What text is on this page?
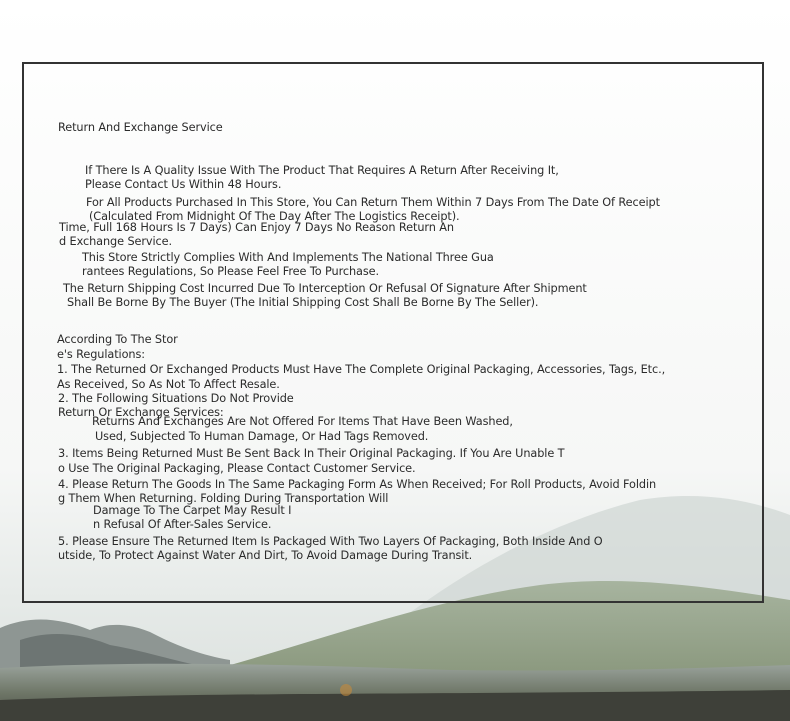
Return And Exchange Service

If There Is A Quality Issue With The Product That Requires A Return After Receiving It,

Please Contact Us Within 48 Hours.

For All Products Purchased In This Store, You Can Return Them Within 7 Days From The Date Of Receipt

(Calculated From Midnight Of The Day After The Logistics Receipt).

Time, Full 168 Hours Is 7 Days) Can Enjoy 7 Days No Reason Return An

d Exchange Service.

This Store Strictly Complies With And Implements The National Three Gua

rantees Regulations, So Please Feel Free To Purchase.

The Return Shipping Cost Incurred Due To Interception Or Refusal Of Signature After Shipment

Shall Be Borne By The Buyer (The Initial Shipping Cost Shall Be Borne By The Seller).

According To The Stor

e's Regulations:

1. The Returned Or Exchanged Products Must Have The Complete Original Packaging, Accessories, Tags, Etc.,

As Received, So As Not To Affect Resale.

2. The Following Situations Do Not Provide

Return Or Exchange Services:

Returns And Exchanges Are Not Offered For Items That Have Been Washed,

Used, Subjected To Human Damage, Or Had Tags Removed.

3. Items Being Returned Must Be Sent Back In Their Original Packaging. If You Are Unable T

o Use The Original Packaging, Please Contact Customer Service.

4. Please Return The Goods In The Same Packaging Form As When Received; For Roll Products, Avoid Foldin

g Them When Returning. Folding During Transportation Will

Damage To The Carpet May Result I

n Refusal Of After-Sales Service.

5. Please Ensure The Returned Item Is Packaged With Two Layers Of Packaging, Both Inside And O

utside, To Protect Against Water And Dirt, To Avoid Damage During Transit.
